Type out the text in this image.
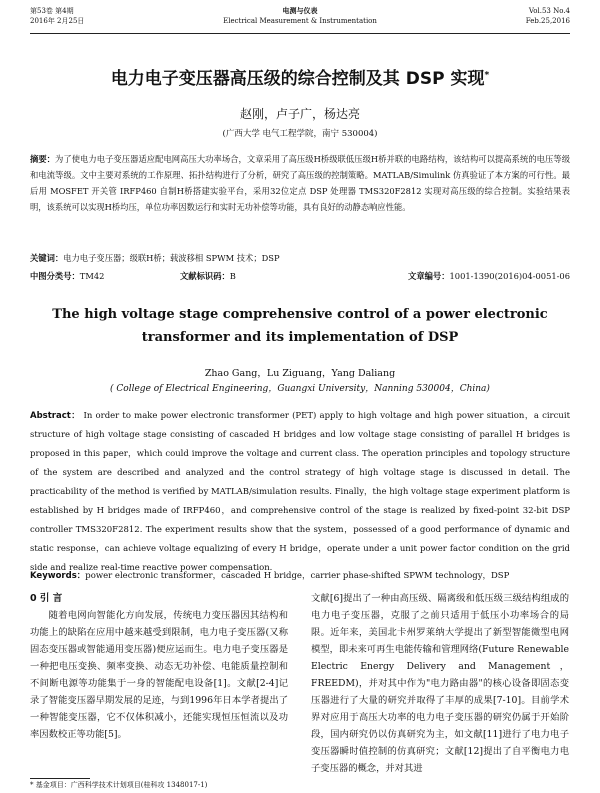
第53卷 第4期
2016年 2月25日
电测与仪表
Electrical Measurement & Instrumentation
Vol.53 No.4
Feb.25,2016
电力电子变压器高压级的综合控制及其 DSP 实现*
赵刚，卢子广，杨达亮
(广西大学 电气工程学院，南宁 530004)
摘要：为了使电力电子变压器适应配电网高压大功率场合，文章采用了高压级H桥级联低压级H桥并联的电路结构，该结构可以提高系统的电压等级和电流等级。文中主要对系统的工作原理、拓扑结构进行了分析，研究了高压级的控制策略。MATLAB/Simulink 仿真验证了本方案的可行性。最后用 MOSFET 开关管 IRFP460 自制H桥搭建实验平台，采用32位定点 DSP 处理器 TMS320F2812 实现对高压级的综合控制。实验结果表明，该系统可以实现H桥均压，单位功率因数运行和实时无功补偿等功能，具有良好的动静态响应性能。
关键词：电力电子变压器；级联H桥；载波移相 SPWM 技术；DSP
中图分类号：TM42	文献标识码：B	文章编号：1001-1390(2016)04-0051-06
The high voltage stage comprehensive control of a power electronic transformer and its implementation of DSP
Zhao Gang，Lu Ziguang，Yang Daliang
( College of Electrical Engineering，Guangxi University，Nanning 530004，China)
Abstract： In order to make power electronic transformer (PET) apply to high voltage and high power situation，a circuit structure of high voltage stage consisting of cascaded H bridges and low voltage stage consisting of parallel H bridges is proposed in this paper，which could improve the voltage and current class. The operation principles and topology structure of the system are described and analyzed and the control strategy of high voltage stage is discussed in detail. The practicability of the method is verified by MATLAB/simulation results. Finally，the high voltage stage experiment platform is established by H bridges made of IRFP460，and comprehensive control of the stage is realized by fixed-point 32-bit DSP controller TMS320F2812. The experiment results show that the system，possessed of a good performance of dynamic and static response，can achieve voltage equalizing of every H bridge，operate under a unit power factor condition on the grid side and realize real-time reactive power compensation.
Keywords：power electronic transformer，cascaded H bridge，carrier phase-shifted SPWM technology，DSP
0 引 言

随着电网向智能化方向发展，传统电力变压器因其结构和功能上的缺陷在应用中越来越受到限制，电力电子变压器(又称固态变压器或智能通用变压器)便应运而生。电力电子变压器是一种把电压变换、频率变换、动态无功补偿、电能质量控制和不间断电源等功能集于一身的智能配电设备[1]。文献[2-4]记录了智能变压器早期发展的足迹，与到1996年日本学者提出了一种智能变压器，它不仅体积减小，还能实现恒压恒流以及功率因数校正等功能[5]。

文献[6]提出了一种由高压级、隔离级和低压级三级结构组成的电力电子变压器，克服了之前只适用于低压小功率场合的局限。近年来，美国北卡州罗莱纳大学提出了新型智能微型电网模型，即未来可再生电能传输和管理网络(Future Renewable Electric Energy Delivery and Management，FREEDM)，并对其中作为"电力路由器"的核心设备即固态变压器进行了大量的研究并取得了丰厚的成果[7-10]。目前学术界对应用于高压大功率的电力电子变压器的研究仍属于开始阶段，国内研究仍以仿真研究为主，如文献[11]进行了电力电子变压器瞬时值控制的仿真研究；文献[12]提出了自平衡电力电子变压器的概念，并对其进

* 基金项目：广西科学技术计划项目(桂科攻 1348017-1)
